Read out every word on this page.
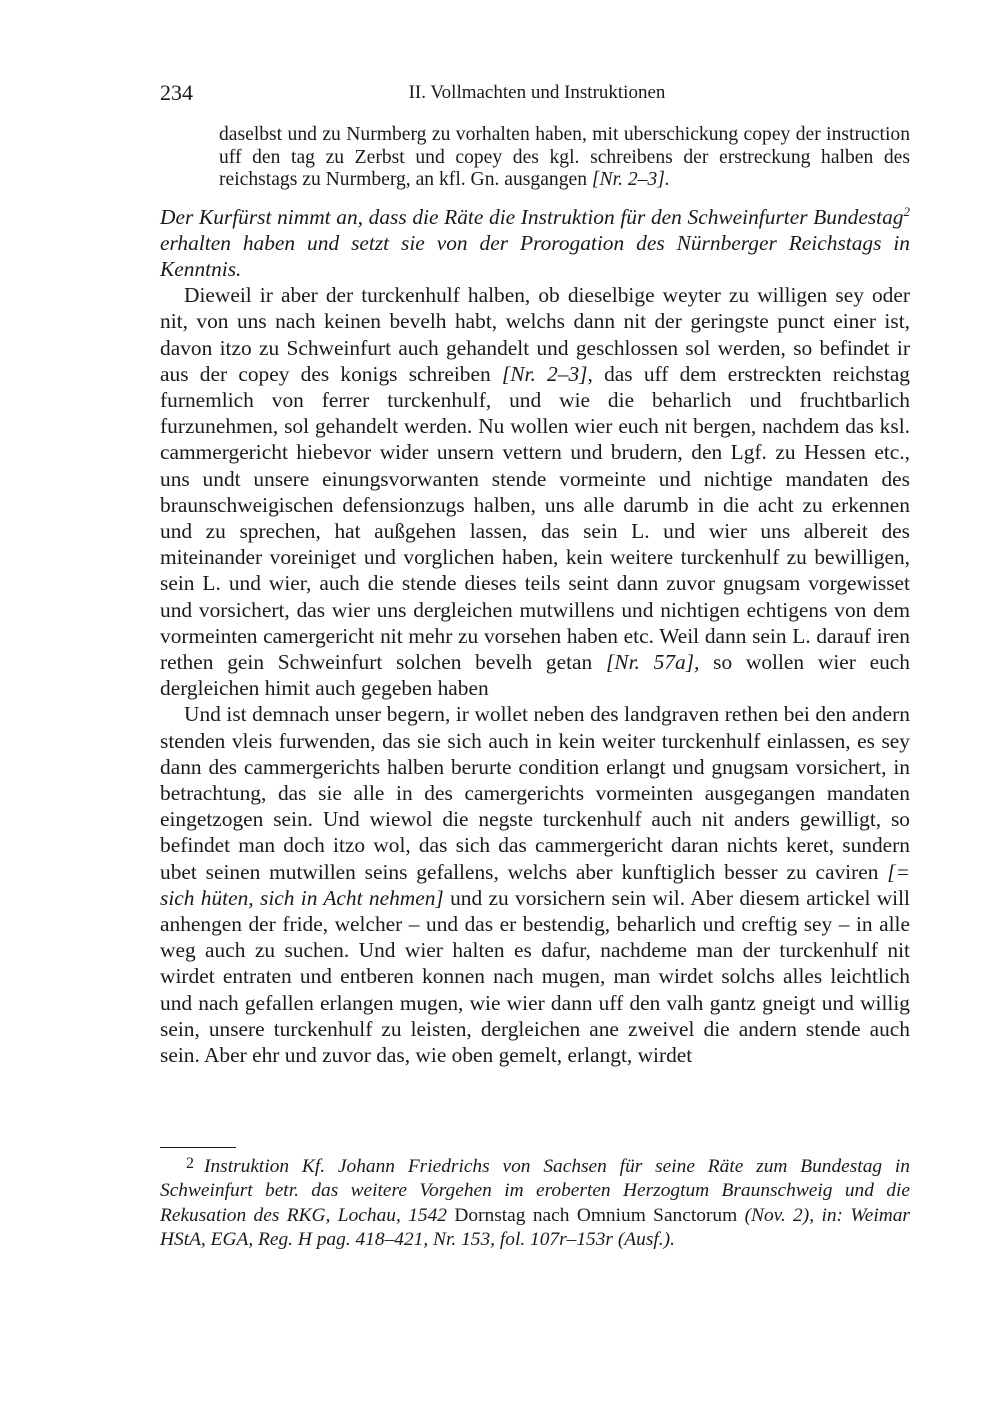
234	II. Vollmachten und Instruktionen
daselbst und zu Nurmberg zu vorhalten haben, mit uberschickung copey der instruction uff den tag zu Zerbst und copey des kgl. schreibens der erstreckung halben des reichstags zu Nurmberg, an kfl. Gn. ausgangen [Nr. 2–3].
Der Kurfürst nimmt an, dass die Räte die Instruktion für den Schweinfurter Bundestag$^2$ erhalten haben und setzt sie von der Prorogation des Nürnberger Reichstags in Kenntnis.

Dieweil ir aber der turckenhulf halben, ob dieselbige weyter zu willigen sey oder nit, von uns nach keinen bevelh habt, welchs dann nit der geringste punct einer ist, davon itzo zu Schweinfurt auch gehandelt und geschlossen sol werden, so befindet ir aus der copey des konigs schreiben [Nr. 2–3], das uff dem erstreckten reichstag furnemlich von ferrer turckenhulf, und wie die beharlich und fruchtbarlich furzunehmen, sol gehandelt werden. Nu wollen wier euch nit bergen, nachdem das ksl. cammergericht hiebevor wider unsern vettern und brudern, den Lgf. zu Hessen etc., uns undt unsere einungsvorwanten stende vormeinte und nichtige mandaten des braunschweigischen defensionzugs halben, uns alle darumb in die acht zu erkennen und zu sprechen, hat außgehen lassen, das sein L. und wier uns albereit des miteinander voreiniget und vorglichen haben, kein weitere turckenhulf zu bewilligen, sein L. und wier, auch die stende dieses teils seint dann zuvor gnugsam vorgewisset und vorsichert, das wier uns dergleichen mutwillens und nichtigen echtigens von dem vormeinten camergericht nit mehr zu vorsehen haben etc. Weil dann sein L. darauf iren rethen gein Schweinfurt solchen bevelh getan [Nr. 57a], so wollen wier euch dergleichen himit auch gegeben haben

Und ist demnach unser begern, ir wollet neben des landgraven rethen bei den andern stenden vleis furwenden, das sie sich auch in kein weiter turckenhulf einlassen, es sey dann des cammergerichts halben berurte condition erlangt und gnugsam vorsichert, in betrachtung, das sie alle in des camergerichts vormeinten ausgegangen mandaten eingetzogen sein. Und wiewol die negste turckenhulf auch nit anders gewilligt, so befindet man doch itzo wol, das sich das cammergericht daran nichts keret, sundern ubet seinen mutwillen seins gefallens, welchs aber kunftiglich besser zu caviren [= sich hüten, sich in Acht nehmen] und zu vorsichern sein wil. Aber diesem artickel will anhengen der fride, welcher – und das er bestendig, beharlich und creftig sey – in alle weg auch zu suchen. Und wier halten es dafur, nachdeme man der turckenhulf nit wirdet entraten und entberen konnen nach mugen, man wirdet solchs alles leichtlich und nach gefallen erlangen mugen, wie wier dann uff den valh gantz gneigt und willig sein, unsere turckenhulf zu leisten, dergleichen ane zweivel die andern stende auch sein. Aber ehr und zuvor das, wie oben gemelt, erlangt, wirdet

2 Instruktion Kf. Johann Friedrichs von Sachsen für seine Räte zum Bundestag in Schweinfurt betr. das weitere Vorgehen im eroberten Herzogtum Braunschweig und die Rekusation des RKG, Lochau, 1542 Dornstag nach Omnium Sanctorum (Nov. 2), in: Weimar HStA, EGA, Reg. H pag. 418–421, Nr. 153, fol. 107r–153r (Ausf.).
